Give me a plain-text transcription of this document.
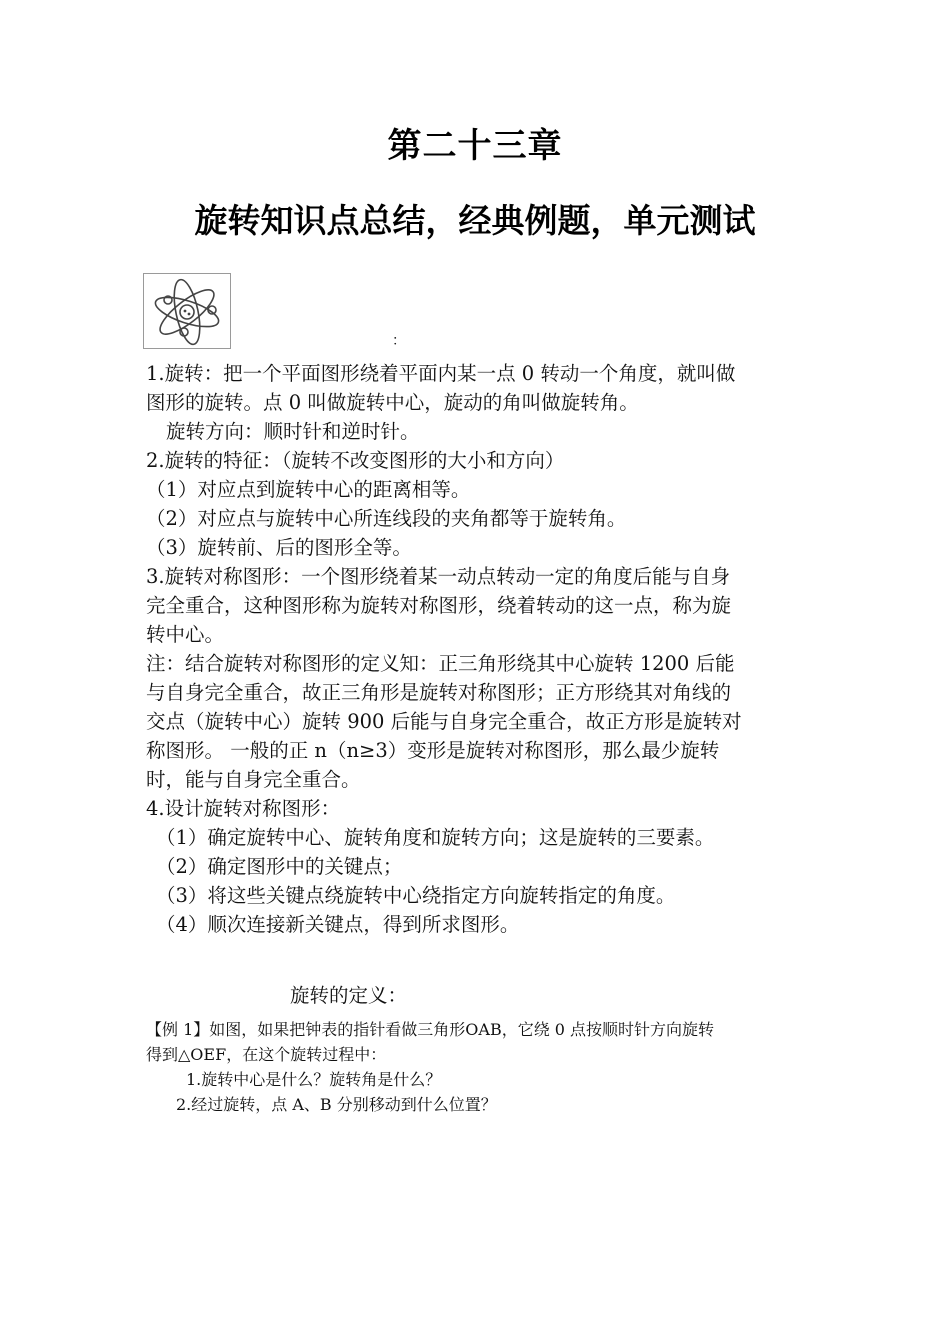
第二十三章
旋转知识点总结，经典例题，单元测试
：
1.旋转：把一个平面图形绕着平面内某一点 0 转动一个角度，就叫做
图形的旋转。点 0 叫做旋转中心，旋动的角叫做旋转角。
旋转方向：顺时针和逆时针。
2.旋转的特征：（旋转不改变图形的大小和方向）
（1）对应点到旋转中心的距离相等。
（2）对应点与旋转中心所连线段的夹角都等于旋转角。
（3）旋转前、后的图形全等。
3.旋转对称图形：一个图形绕着某一动点转动一定的角度后能与自身
完全重合，这种图形称为旋转对称图形，绕着转动的这一点，称为旋
转中心。
注：结合旋转对称图形的定义知：正三角形绕其中心旋转 1200 后能
与自身完全重合，故正三角形是旋转对称图形；正方形绕其对角线的
交点（旋转中心）旋转 900 后能与自身完全重合，故正方形是旋转对
称图形。 一般的正 n（n≥3）变形是旋转对称图形，那么最少旋转
时，能与自身完全重合。
4.设计旋转对称图形：
（1）确定旋转中心、旋转角度和旋转方向；这是旋转的三要素。
（2）确定图形中的关键点；
（3）将这些关键点绕旋转中心绕指定方向旋转指定的角度。
（4）顺次连接新关键点，得到所求图形。
旋转的定义：
【例 1】如图，如果把钟表的指针看做三角形OAB，它绕 0 点按顺时针方向旋转
得到△OEF，在这个旋转过程中：
1.旋转中心是什么？旋转角是什么？
2.经过旋转，点 A、B 分别移动到什么位置？
